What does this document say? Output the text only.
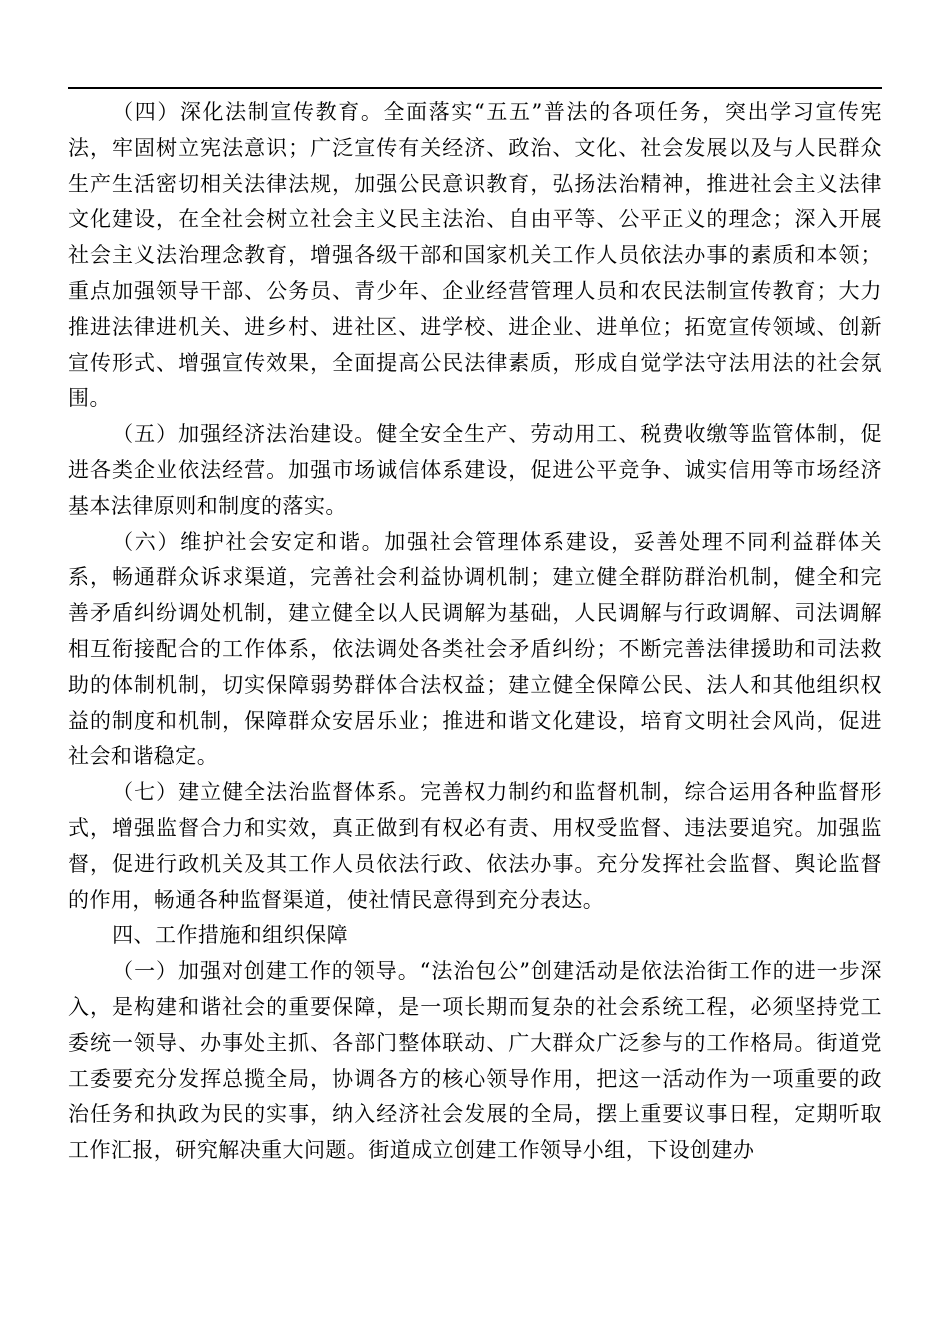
（四）深化法制宣传教育。全面落实“五五”普法的各项任务，突出学习宣传宪法，牢固树立宪法意识；广泛宣传有关经济、政治、文化、社会发展以及与人民群众生产生活密切相关法律法规，加强公民意识教育，弘扬法治精神，推进社会主义法律文化建设，在全社会树立社会主义民主法治、自由平等、公平正义的理念；深入开展社会主义法治理念教育，增强各级干部和国家机关工作人员依法办事的素质和本领；重点加强领导干部、公务员、青少年、企业经营管理人员和农民法制宣传教育；大力推进法律进机关、进乡村、进社区、进学校、进企业、进单位；拓宽宣传领域、创新宣传形式、增强宣传效果，全面提高公民法律素质，形成自觉学法守法用法的社会氛围。

（五）加强经济法治建设。健全安全生产、劳动用工、税费收缴等监管体制，促进各类企业依法经营。加强市场诚信体系建设，促进公平竞争、诚实信用等市场经济基本法律原则和制度的落实。

（六）维护社会安定和谐。加强社会管理体系建设，妥善处理不同利益群体关系，畅通群众诉求渠道，完善社会利益协调机制；建立健全群防群治机制，健全和完善矛盾纠纷调处机制，建立健全以人民调解为基础，人民调解与行政调解、司法调解相互衔接配合的工作体系，依法调处各类社会矛盾纠纷；不断完善法律援助和司法救助的体制机制，切实保障弱势群体合法权益；建立健全保障公民、法人和其他组织权益的制度和机制，保障群众安居乐业；推进和谐文化建设，培育文明社会风尚，促进社会和谐稳定。

（七）建立健全法治监督体系。完善权力制约和监督机制，综合运用各种监督形式，增强监督合力和实效，真正做到有权必有责、用权受监督、违法要追究。加强监督，促进行政机关及其工作人员依法行政、依法办事。充分发挥社会监督、舆论监督的作用，畅通各种监督渠道，使社情民意得到充分表达。

四、工作措施和组织保障

（一）加强对创建工作的领导。“法治包公”创建活动是依法治街工作的进一步深入，是构建和谐社会的重要保障，是一项长期而复杂的社会系统工程，必须坚持党工委统一领导、办事处主抓、各部门整体联动、广大群众广泛参与的工作格局。街道党工委要充分发挥总揽全局，协调各方的核心领导作用，把这一活动作为一项重要的政治任务和执政为民的实事，纳入经济社会发展的全局，摆上重要议事日程，定期听取工作汇报，研究解决重大问题。街道成立创建工作领导小组，下设创建办
